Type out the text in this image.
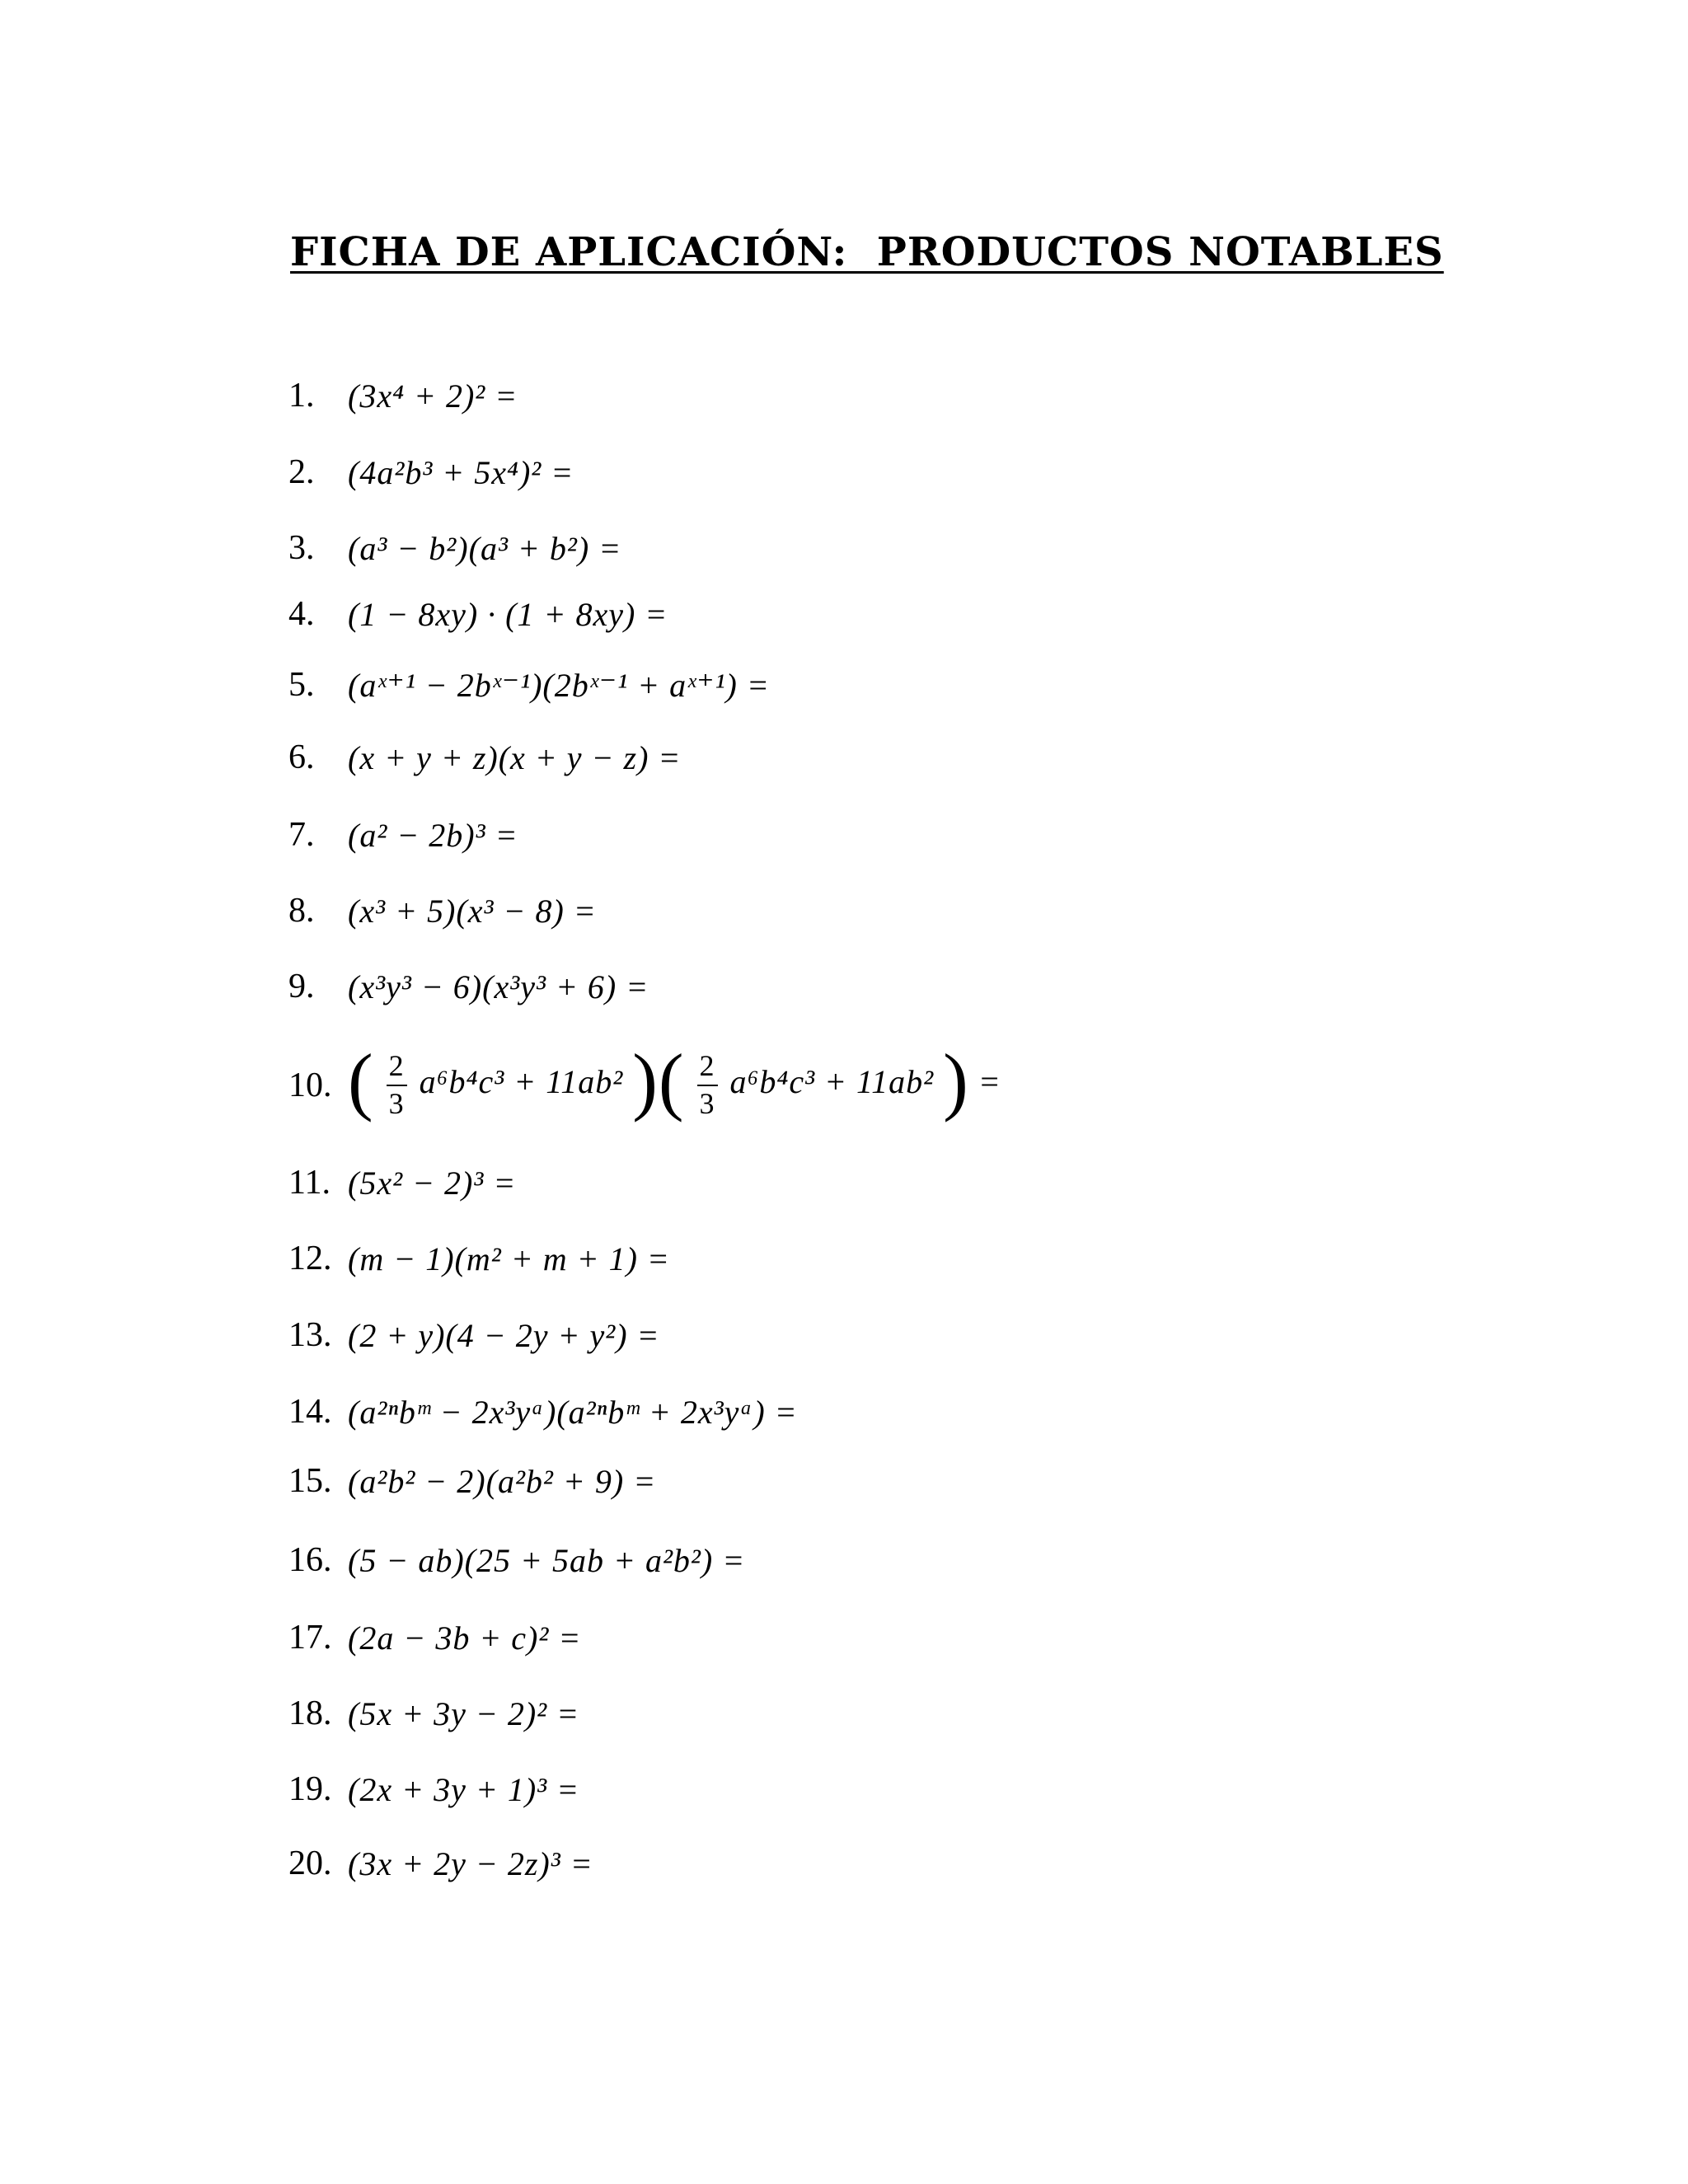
FICHA DE APLICACIÓN:  PRODUCTOS NOTABLES
1.	(3x⁴ + 2)² =
2.	(4a²b³ + 5x⁴)² =
3.	(a³ − b²)(a³ + b²) =
4.	(1 − 8xy) · (1 + 8xy) =
5.	(aˣ⁺¹ − 2bˣ⁻¹)(2bˣ⁻¹ + aˣ⁺¹) =
6.	(x + y + z)(x + y − z) =
7.	(a² − 2b)³ =
8.	(x³ + 5)(x³ − 8) =
9.	(x³y³ − 6)(x³y³ + 6) =
10. ( $\frac{2}{3} a^6b^4c^3 + 11ab^2$ )( $\frac{2}{3} a^6b^4c^3 + 11ab^2$ ) =
11. (5x² − 2)³ =
12. (m − 1)(m² + m + 1) =
13. (2 + y)(4 − 2y + y²) =
14. (a²ⁿbᵐ − 2x³yᵃ)(a²ⁿbᵐ + 2x³yᵃ) =
15. (a²b² − 2)(a²b² + 9) =
16. (5 − ab)(25 + 5ab + a²b²) =
17. (2a − 3b + c)² =
18. (5x + 3y − 2)² =
19. (2x + 3y + 1)³ =
20. (3x + 2y − 2z)³ =
